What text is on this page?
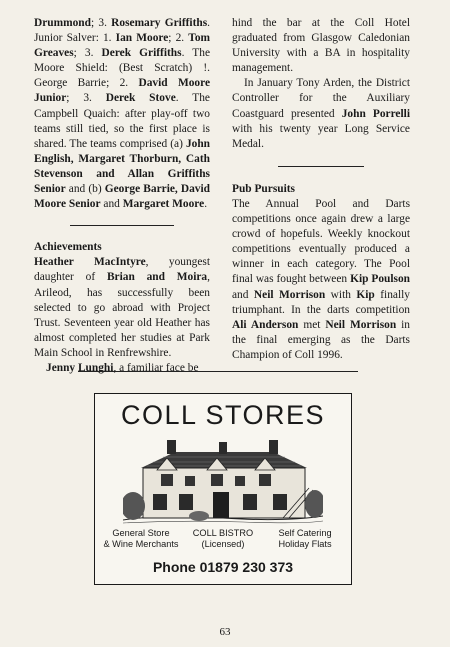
Drummond; 3. Rosemary Griffiths. Junior Salver: 1. Ian Moore; 2. Tom Greaves; 3. Derek Griffiths. The Moore Shield: (Best Scratch) !. George Barrie; 2. David Moore Junior; 3. Derek Stove. The Campbell Quaich: after play-off two teams still tied, so the first place is shared. The teams comprised (a) John English, Margaret Thorburn, Cath Stevenson and Allan Griffiths Senior and (b) George Barrie, David Moore Senior and Margaret Moore.

Achievements

Heather MacIntyre, youngest daughter of Brian and Moira, Arileod, has successfully been selected to go abroad with Project Trust. Seventeen year old Heather has almost completed her studies at Park Main School in Renfrewshire.

Jenny Lunghi, a familiar face be

hind the bar at the Coll Hotel graduated from Glasgow Caledonian University with a BA in hospitality management.

In January Tony Arden, the District Controller for the Auxiliary Coastguard presented John Porrelli with his twenty year Long Service Medal.

Pub Pursuits

The Annual Pool and Darts competitions once again drew a large crowd of hopefuls. Weekly knockout competitions eventually produced a winner in each category. The Pool final was fought between Kip Poulson and Neil Morrison with Kip finally triumphant. In the darts competition Ali Anderson met Neil Morrison in the final emerging as the Darts Champion of Coll 1996.

COLL STORES
General Store
& Wine Merchants
COLL BISTRO
(Licensed)
Self Catering
Holiday Flats
Phone 01879 230 373
63
